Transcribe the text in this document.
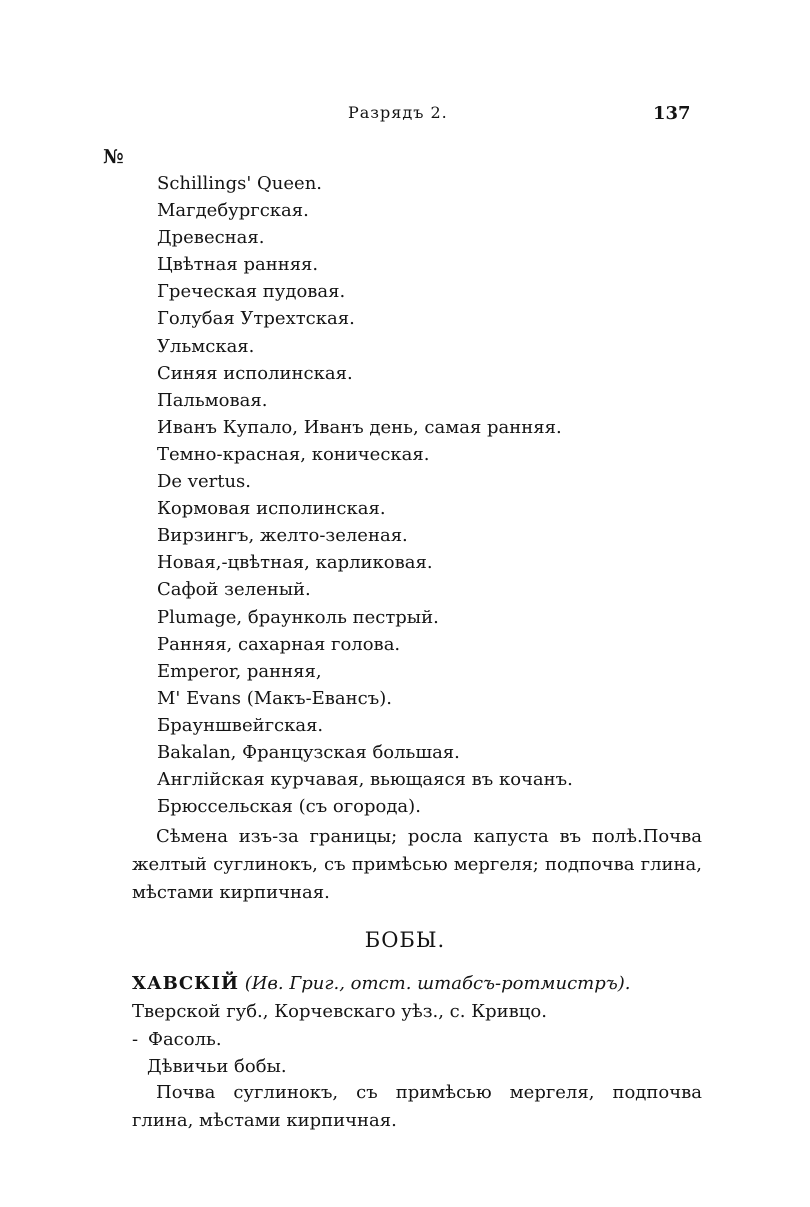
Разрядъ 2.	137
№
Schillings' Queen.
Магдебургская.
Древесная.
Цвѣтная ранняя.
Греческая пудовая.
Голубая Утрехтская.
Ульмская.
Синяя исполинская.
Пальмовая.
Иванъ Купало, Иванъ день, самая ранняя.
Темно-красная, коническая.
De vertus.
Кормовая исполинская.
Вирзингъ, желто-зеленая.
Новая,-цвѣтная, карликовая.
Сафой зеленый.
Plumage, браунколь пестрый.
Ранняя, сахарная голова.
Emperor, ранняя,
M' Evans (Макъ-Евансъ).
Брауншвейгская.
Bakalan, Французская большая.
Англійская курчавая, вьющаяся въ кочанъ.
Брюссельская (съ огорода).

Сѣмена изъ-за границы; росла капуста въ полѣ.Почва желтый суглинокъ, съ примѣсью мергеля; подпочва глина, мѣстами кирпичная.

БОБЫ.
ХАВСКІЙ (Ив. Григ., отст. штабсъ-ротмистръ).
Тверской губ., Корчевскаго уѣз., с. Кривцо.
- Фасоль.
Дѣвичьи бобы.

Почва суглинокъ, съ примѣсью мергеля, подпочва глина, мѣстами кирпичная.
